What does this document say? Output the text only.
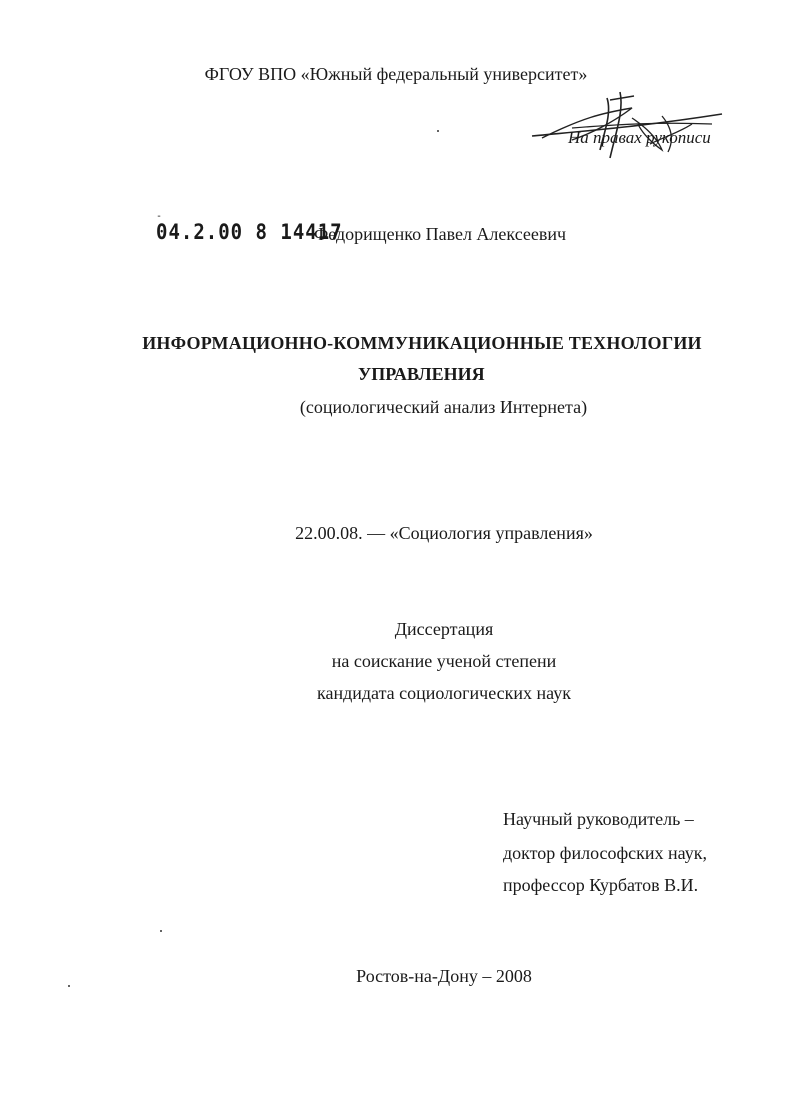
ФГОУ ВПО «Южный федеральный университет»
На правах рукописи
-
04.2.00 8 14417
Федорищенко Павел Алексеевич
ИНФОРМАЦИОННО-КОММУНИКАЦИОННЫЕ ТЕХНОЛОГИИ
УПРАВЛЕНИЯ
(социологический анализ Интернета)
22.00.08. — «Социология управления»
Диссертация
на соискание ученой степени
кандидата социологических наук
Научный руководитель –
доктор философских наук,
профессор Курбатов В.И.
Ростов-на-Дону – 2008
